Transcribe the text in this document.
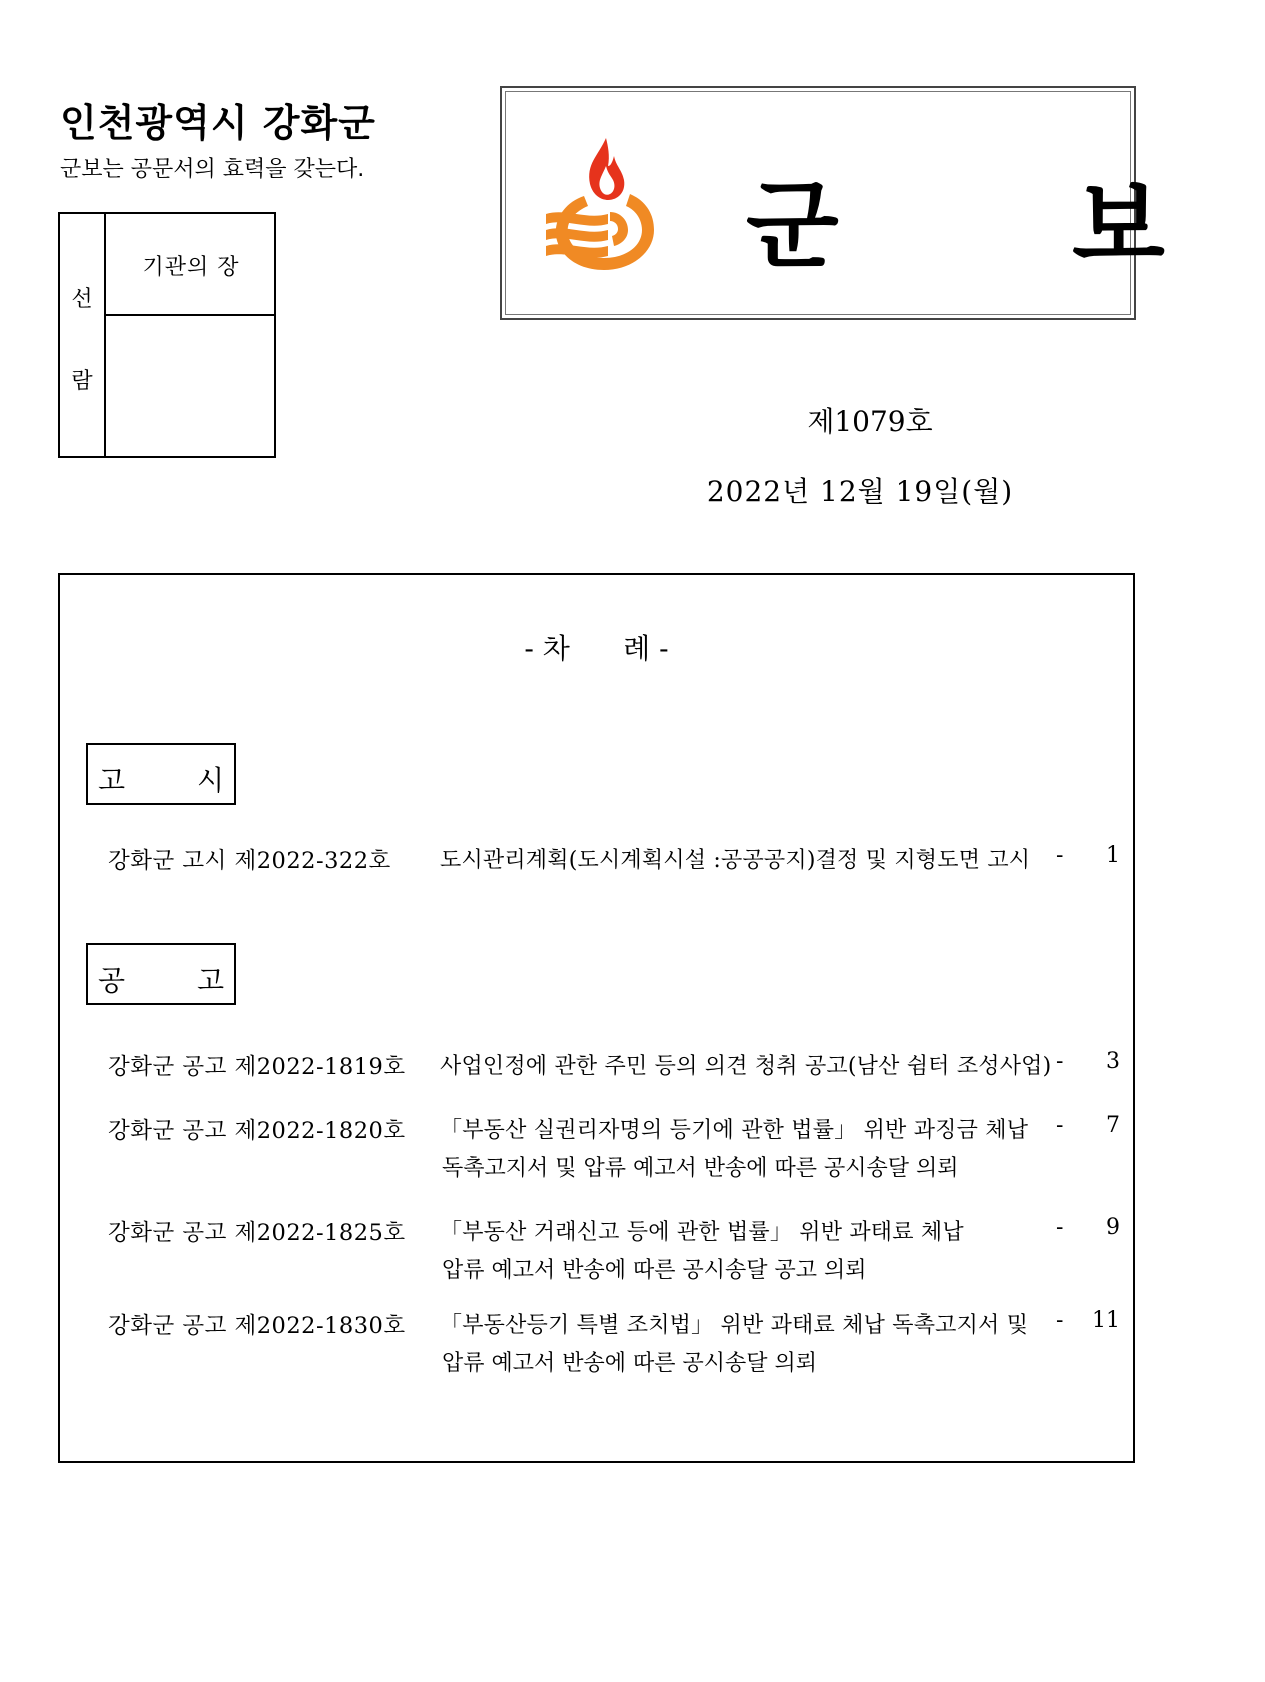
인천광역시 강화군
군보는 공문서의 효력을 갖는다.
선
람
기관의 장	군 보
제1079호
2022년 12월 19일(월)
- 차      례 -
고	시
강화군 고시 제2022-322호 도시관리계획(도시계획시설 :공공공지)결정 및 지형도면 고시	-	1
공	고
강화군 공고 제2022-1819호 사업인정에 관한 주민 등의 의견 청취 공고(남산 쉼터 조성사업) -	3
강화군 공고 제2022-1820호 「부동산 실권리자명의 등기에 관한 법률」 위반 과징금 체납
독촉고지서 및 압류 예고서 반송에 따른 공시송달 의뢰
-	7
강화군 공고 제2022-1825호 「부동산 거래신고 등에 관한 법률」 위반 과태료 체납
압류 예고서 반송에 따른 공시송달 공고 의뢰
-	9
강화군 공고 제2022-1830호 「부동산등기 특별 조치법」 위반 과태료 체납 독촉고지서 및
압류 예고서 반송에 따른 공시송달 의뢰
-	11
